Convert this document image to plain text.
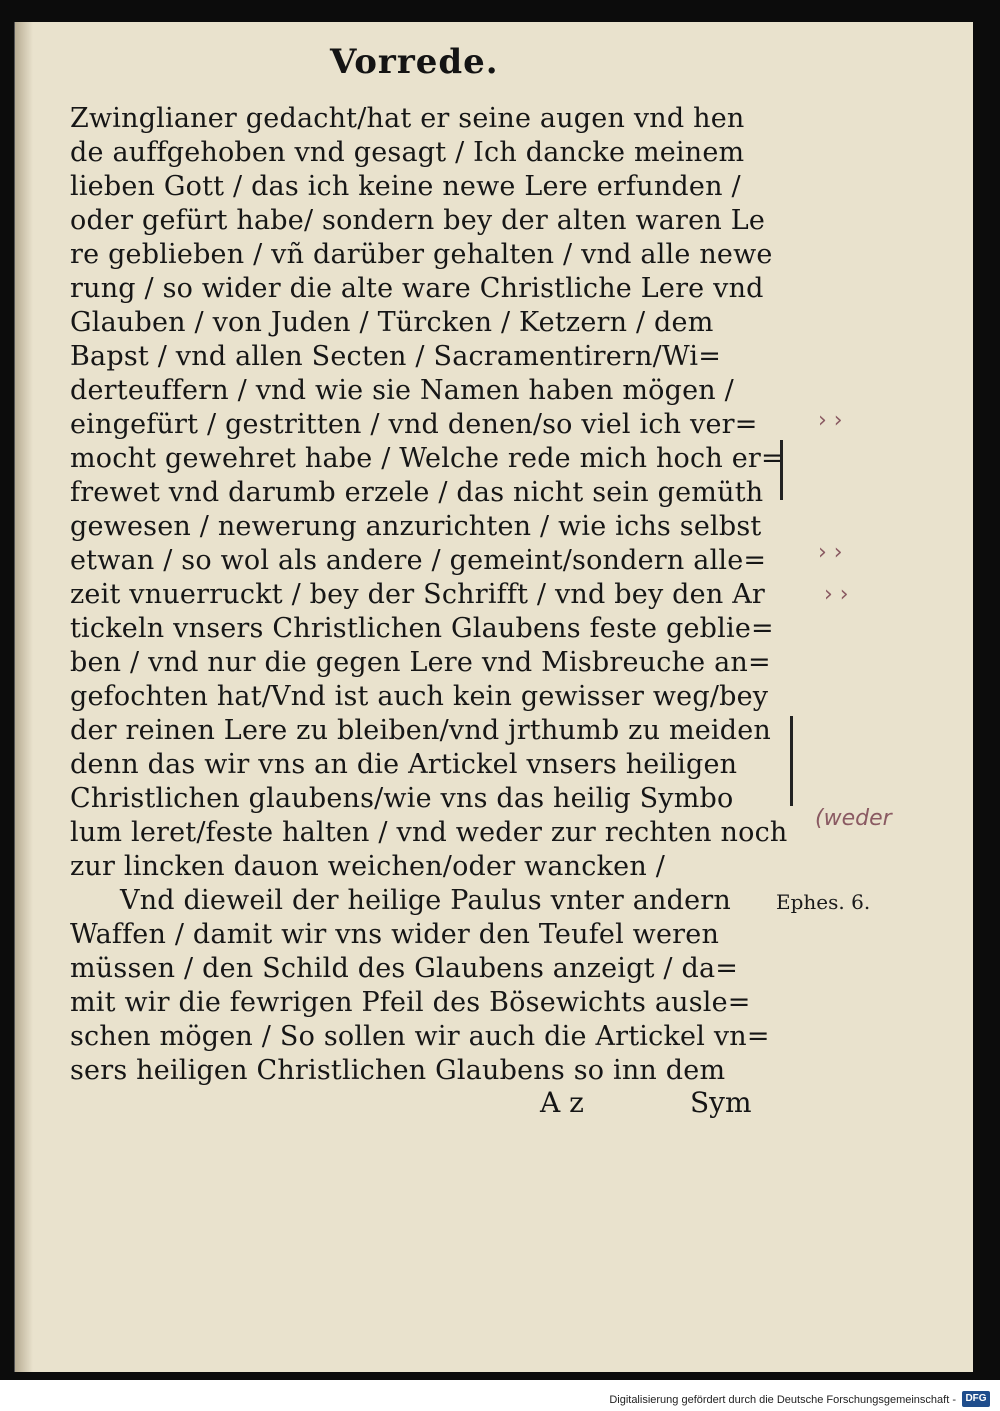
Vorrede.
Zwinglianer gedacht/hat er seine augen vnd hen
de auffgehoben vnd gesagt / Ich dancke meinem
lieben Gott / das ich keine newe Lere erfunden /
oder gefürt habe/ sondern bey der alten waren Le
re geblieben / vñ darüber gehalten / vnd alle newe
rung / so wider die alte ware Christliche Lere vnd
Glauben / von Juden / Türcken / Ketzern / dem
Bapst / vnd allen Secten / Sacramentirern/Wi=
derteuffern / vnd wie sie Namen haben mögen /
eingefürt / gestritten / vnd denen/so viel ich ver=
mocht gewehret habe / Welche rede mich hoch er=
frewet vnd darumb erzele / das nicht sein gemüth
gewesen / newerung anzurichten / wie ichs selbst
etwan / so wol als andere / gemeint/sondern alle=
zeit vnuerruckt / bey der Schrifft / vnd bey den Ar
tickeln vnsers Christlichen Glaubens feste geblie=
ben / vnd nur die gegen Lere vnd Misbreuche an=
gefochten hat/Vnd ist auch kein gewisser weg/bey
der reinen Lere zu bleiben/vnd jrthumb zu meiden
denn das wir vns an die Artickel vnsers heiligen
Christlichen glaubens/wie vns das heilig Symbo
lum leret/feste halten / vnd weder zur rechten noch
zur lincken dauon weichen/oder wancken /
Vnd dieweil der heilige Paulus vnter andern
Waffen / damit wir vns wider den Teufel weren
müssen / den Schild des Glaubens anzeigt / da=
mit wir die fewrigen Pfeil des Bösewichts ausle=
schen mögen / So sollen wir auch die Artickel vn=
sers heiligen Christlichen Glaubens so inn dem
A z	Sym
› ›
› ›
› ›
(weder
Ephes. 6.
Digitalisierung gefördert durch die Deutsche Forschungsgemeinschaft - DFG
